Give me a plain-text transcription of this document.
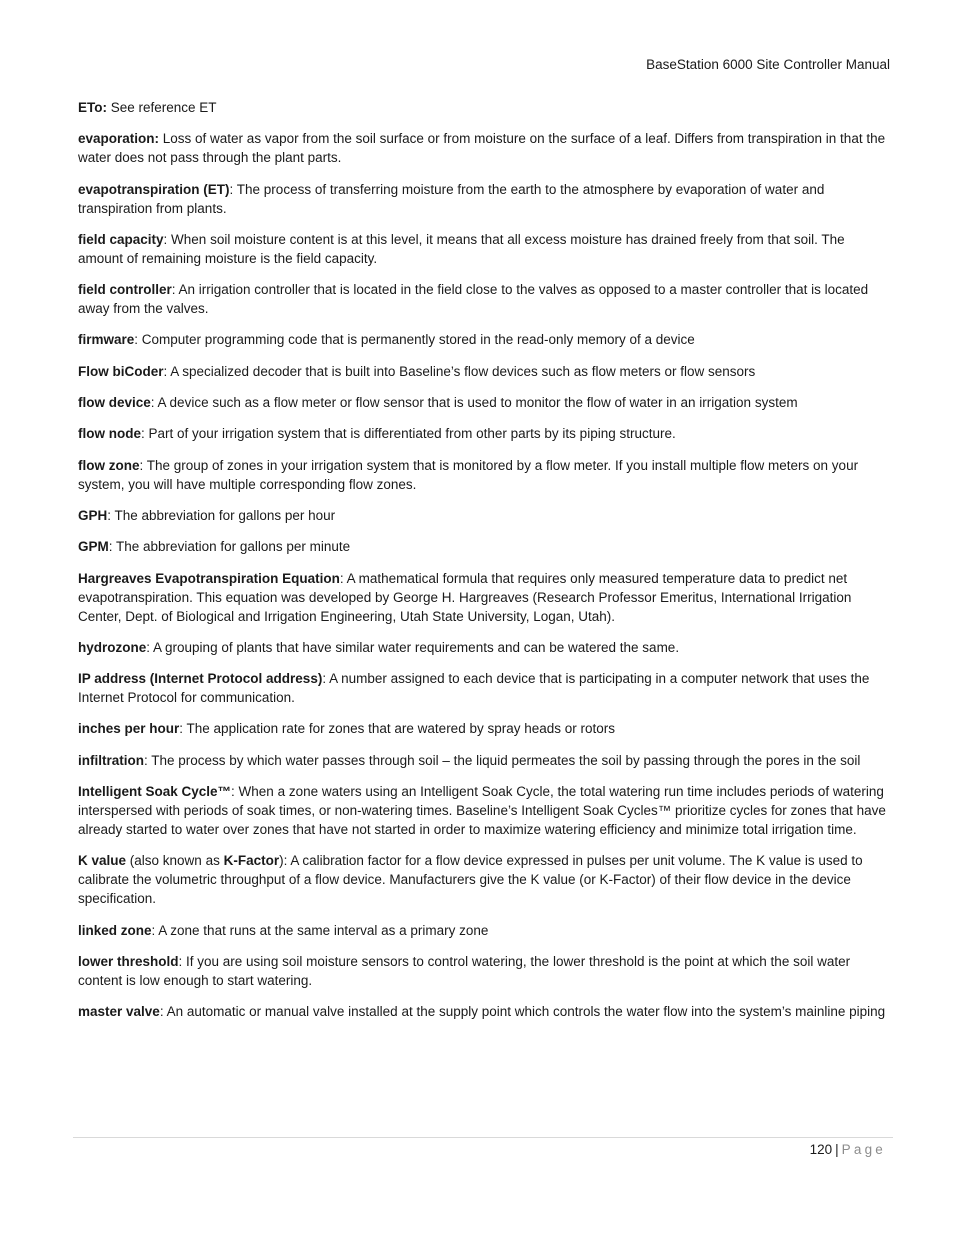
BaseStation 6000 Site Controller Manual

ETo: See reference ET

evaporation: Loss of water as vapor from the soil surface or from moisture on the surface of a leaf. Differs from transpiration in that the water does not pass through the plant parts.

evapotranspiration (ET): The process of transferring moisture from the earth to the atmosphere by evaporation of water and transpiration from plants.

field capacity: When soil moisture content is at this level, it means that all excess moisture has drained freely from that soil. The amount of remaining moisture is the field capacity.

field controller: An irrigation controller that is located in the field close to the valves as opposed to a master controller that is located away from the valves.

firmware: Computer programming code that is permanently stored in the read-only memory of a device

Flow biCoder: A specialized decoder that is built into Baseline’s flow devices such as flow meters or flow sensors

flow device: A device such as a flow meter or flow sensor that is used to monitor the flow of water in an irrigation system

flow node: Part of your irrigation system that is differentiated from other parts by its piping structure.

flow zone: The group of zones in your irrigation system that is monitored by a flow meter. If you install multiple flow meters on your system, you will have multiple corresponding flow zones.

GPH: The abbreviation for gallons per hour

GPM: The abbreviation for gallons per minute

Hargreaves Evapotranspiration Equation: A mathematical formula that requires only measured temperature data to predict net evapotranspiration. This equation was developed by George H. Hargreaves (Research Professor Emeritus, International Irrigation Center, Dept. of Biological and Irrigation Engineering, Utah State University, Logan, Utah).

hydrozone: A grouping of plants that have similar water requirements and can be watered the same.

IP address (Internet Protocol address): A number assigned to each device that is participating in a computer network that uses the Internet Protocol for communication.

inches per hour: The application rate for zones that are watered by spray heads or rotors

infiltration: The process by which water passes through soil – the liquid permeates the soil by passing through the pores in the soil

Intelligent Soak Cycle™: When a zone waters using an Intelligent Soak Cycle, the total watering run time includes periods of watering interspersed with periods of soak times, or non-watering times. Baseline’s Intelligent Soak Cycles™ prioritize cycles for zones that have already started to water over zones that have not started in order to maximize watering efficiency and minimize total irrigation time.

K value (also known as K-Factor): A calibration factor for a flow device expressed in pulses per unit volume. The K value is used to calibrate the volumetric throughput of a flow device. Manufacturers give the K value (or K-Factor) of their flow device in the device specification.

linked zone: A zone that runs at the same interval as a primary zone

lower threshold: If you are using soil moisture sensors to control watering, the lower threshold is the point at which the soil water content is low enough to start watering.

master valve: An automatic or manual valve installed at the supply point which controls the water flow into the system’s mainline piping

120 | Page
